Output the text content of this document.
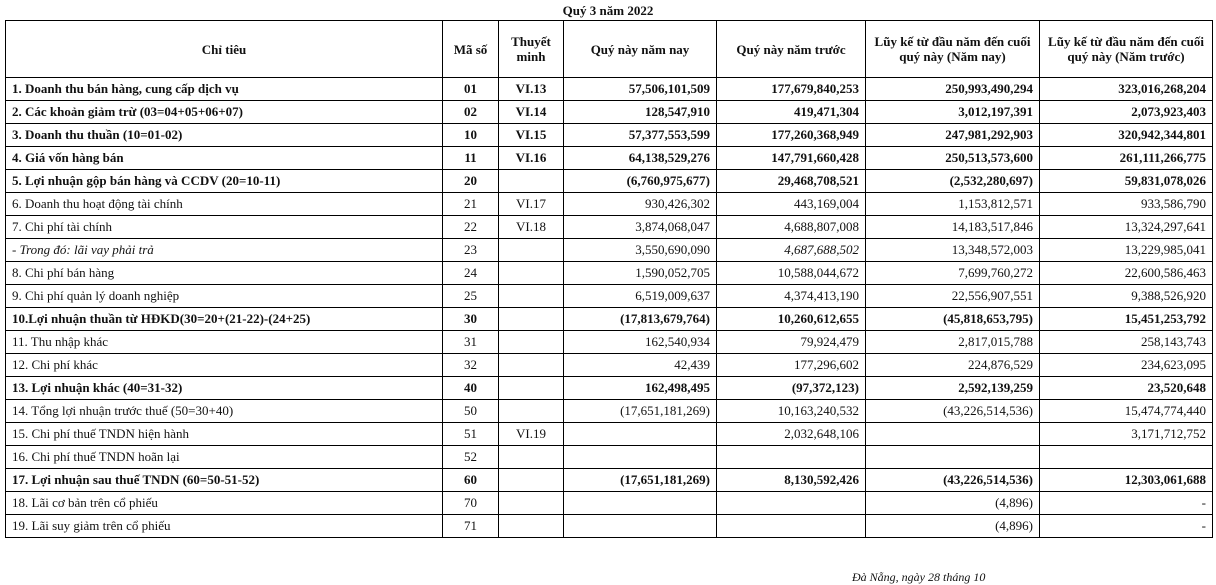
Quý 3 năm 2022
Chỉ tiêu	Mã số	Thuyết minh	Quý này năm nay	Quý này năm trước	Lũy kế từ đầu năm đến cuối quý này (Năm nay)	Lũy kế từ đầu năm đến cuối quý này (Năm trước)
1. Doanh thu bán hàng, cung cấp dịch vụ	01	VI.13	57,506,101,509	177,679,840,253	250,993,490,294	323,016,268,204
2. Các khoản giảm trừ (03=04+05+06+07)	02	VI.14	128,547,910	419,471,304	3,012,197,391	2,073,923,403
3. Doanh thu thuần (10=01-02)	10	VI.15	57,377,553,599	177,260,368,949	247,981,292,903	320,942,344,801
4. Giá vốn hàng bán	11	VI.16	64,138,529,276	147,791,660,428	250,513,573,600	261,111,266,775
5. Lợi nhuận gộp bán hàng và CCDV (20=10-11)	20		(6,760,975,677)	29,468,708,521	(2,532,280,697)	59,831,078,026
6. Doanh thu hoạt động tài chính	21	VI.17	930,426,302	443,169,004	1,153,812,571	933,586,790
7. Chi phí tài chính	22	VI.18	3,874,068,047	4,688,807,008	14,183,517,846	13,324,297,641
- Trong đó: lãi vay phải trả	23		3,550,690,090	4,687,688,502	13,348,572,003	13,229,985,041
8. Chi phí bán hàng	24		1,590,052,705	10,588,044,672	7,699,760,272	22,600,586,463
9. Chi phí quản lý doanh nghiệp	25		6,519,009,637	4,374,413,190	22,556,907,551	9,388,526,920
10.Lợi nhuận thuần từ HĐKD(30=20+(21-22)-(24+25)	30		(17,813,679,764)	10,260,612,655	(45,818,653,795)	15,451,253,792
11. Thu nhập khác	31		162,540,934	79,924,479	2,817,015,788	258,143,743
12. Chi phí khác	32		42,439	177,296,602	224,876,529	234,623,095
13. Lợi nhuận khác (40=31-32)	40		162,498,495	(97,372,123)	2,592,139,259	23,520,648
14. Tổng lợi nhuận trước thuế (50=30+40)	50		(17,651,181,269)	10,163,240,532	(43,226,514,536)	15,474,774,440
15. Chi phí thuế TNDN hiện hành	51	VI.19		2,032,648,106		3,171,712,752
16. Chi phí thuế TNDN hoãn lại	52					
17. Lợi nhuận sau thuế TNDN (60=50-51-52)	60		(17,651,181,269)	8,130,592,426	(43,226,514,536)	12,303,061,688
18. Lãi cơ bản trên cổ phiếu	70				(4,896)	-
19. Lãi suy giảm trên cổ phiếu	71				(4,896)	-
Đà Nẵng, ngày 28 tháng 10
